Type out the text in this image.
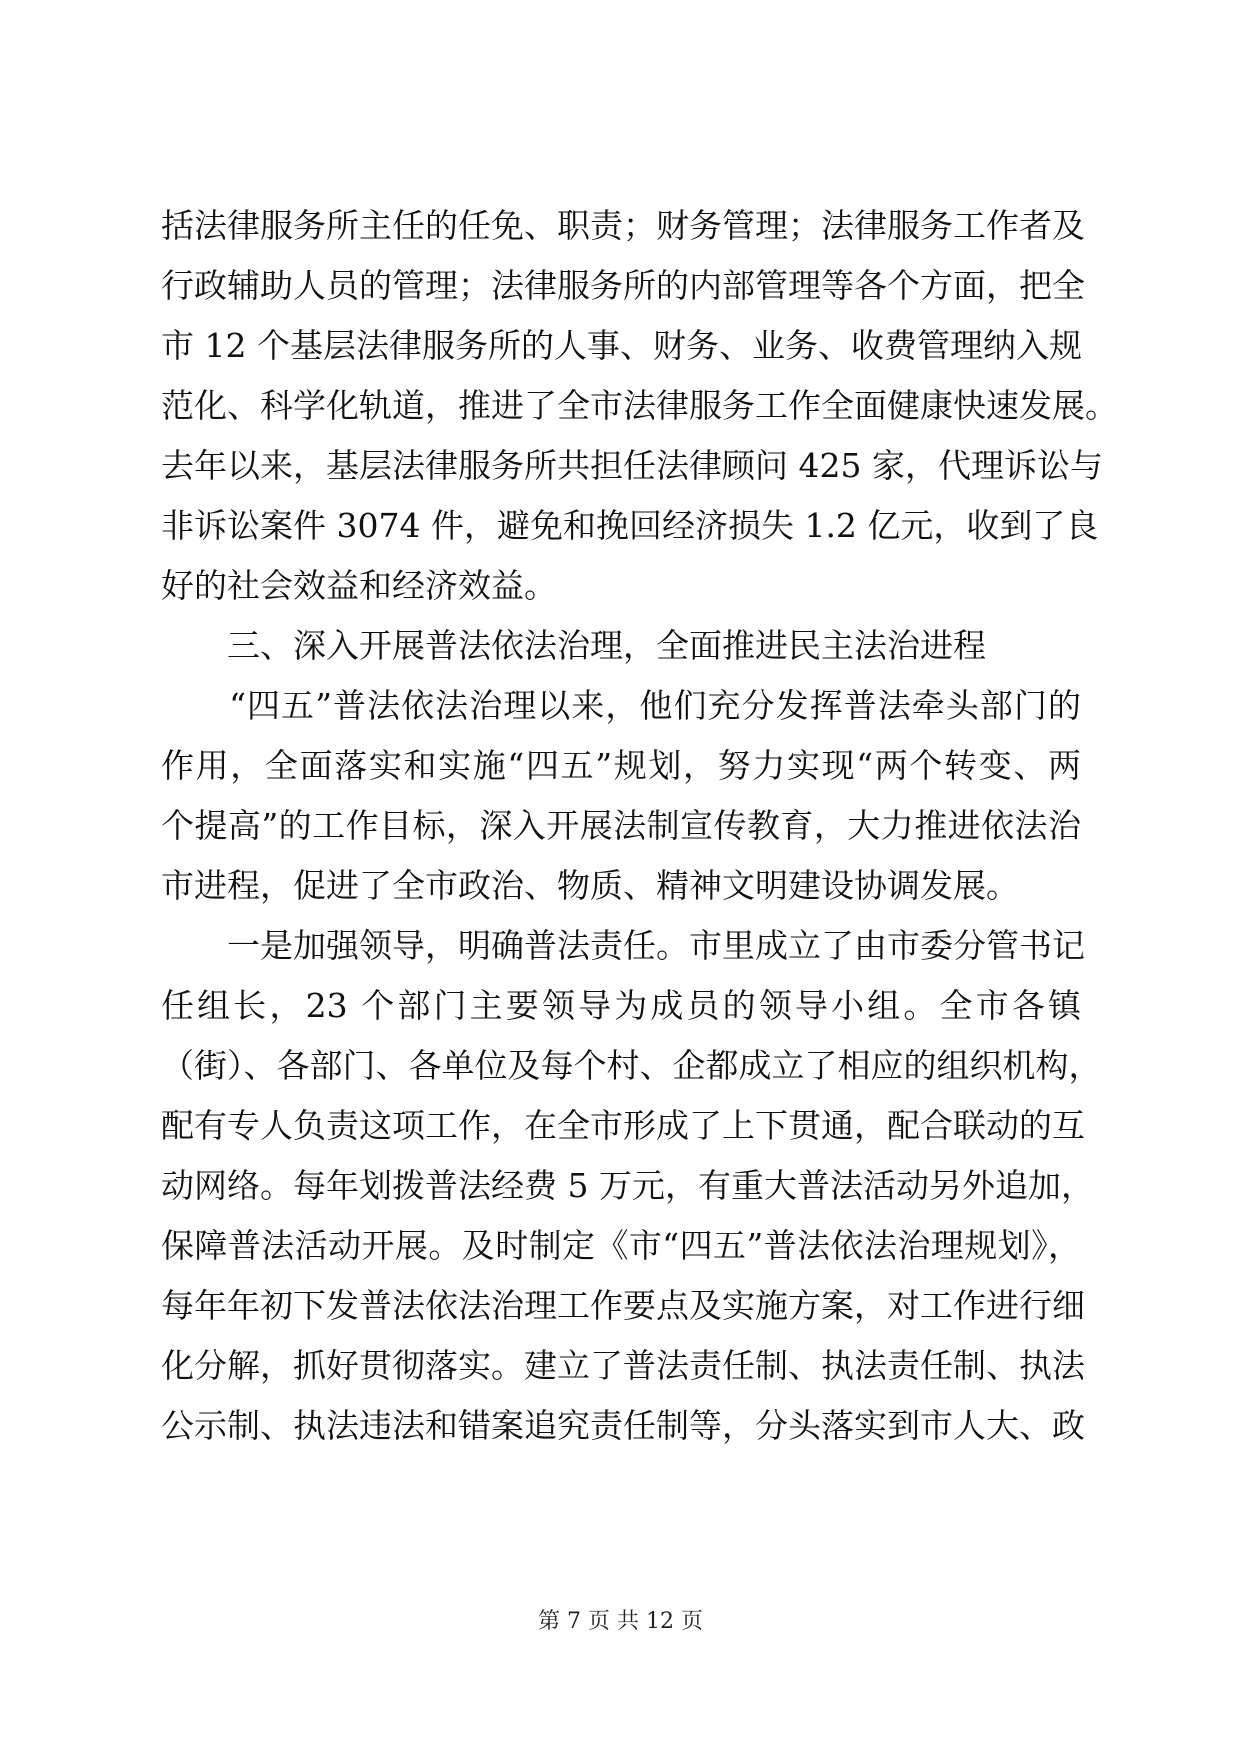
括法律服务所主任的任免、职责；财务管理；法律服务工作者及
行政辅助人员的管理；法律服务所的内部管理等各个方面，把全
市 12 个基层法律服务所的人事、财务、业务、收费管理纳入规
范化、科学化轨道，推进了全市法律服务工作全面健康快速发展。
去年以来，基层法律服务所共担任法律顾问 425 家，代理诉讼与
非诉讼案件 3074 件，避免和挽回经济损失 1.2 亿元，收到了良
好的社会效益和经济效益。
　　三、深入开展普法依法治理，全面推进民主法治进程
　　“四五”普法依法治理以来，他们充分发挥普法牵头部门的
作用，全面落实和实施“四五”规划，努力实现“两个转变、两
个提高”的工作目标，深入开展法制宣传教育，大力推进依法治
市进程，促进了全市政治、物质、精神文明建设协调发展。
　　一是加强领导，明确普法责任。市里成立了由市委分管书记
任组长，23 个部门主要领导为成员的领导小组。全市各镇
（街）、各部门、各单位及每个村、企都成立了相应的组织机构，
配有专人负责这项工作，在全市形成了上下贯通，配合联动的互
动网络。每年划拨普法经费 5 万元，有重大普法活动另外追加，
保障普法活动开展。及时制定《市“四五”普法依法治理规划》，
每年年初下发普法依法治理工作要点及实施方案，对工作进行细
化分解，抓好贯彻落实。建立了普法责任制、执法责任制、执法
公示制、执法违法和错案追究责任制等，分头落实到市人大、政
第 7 页 共 12 页
